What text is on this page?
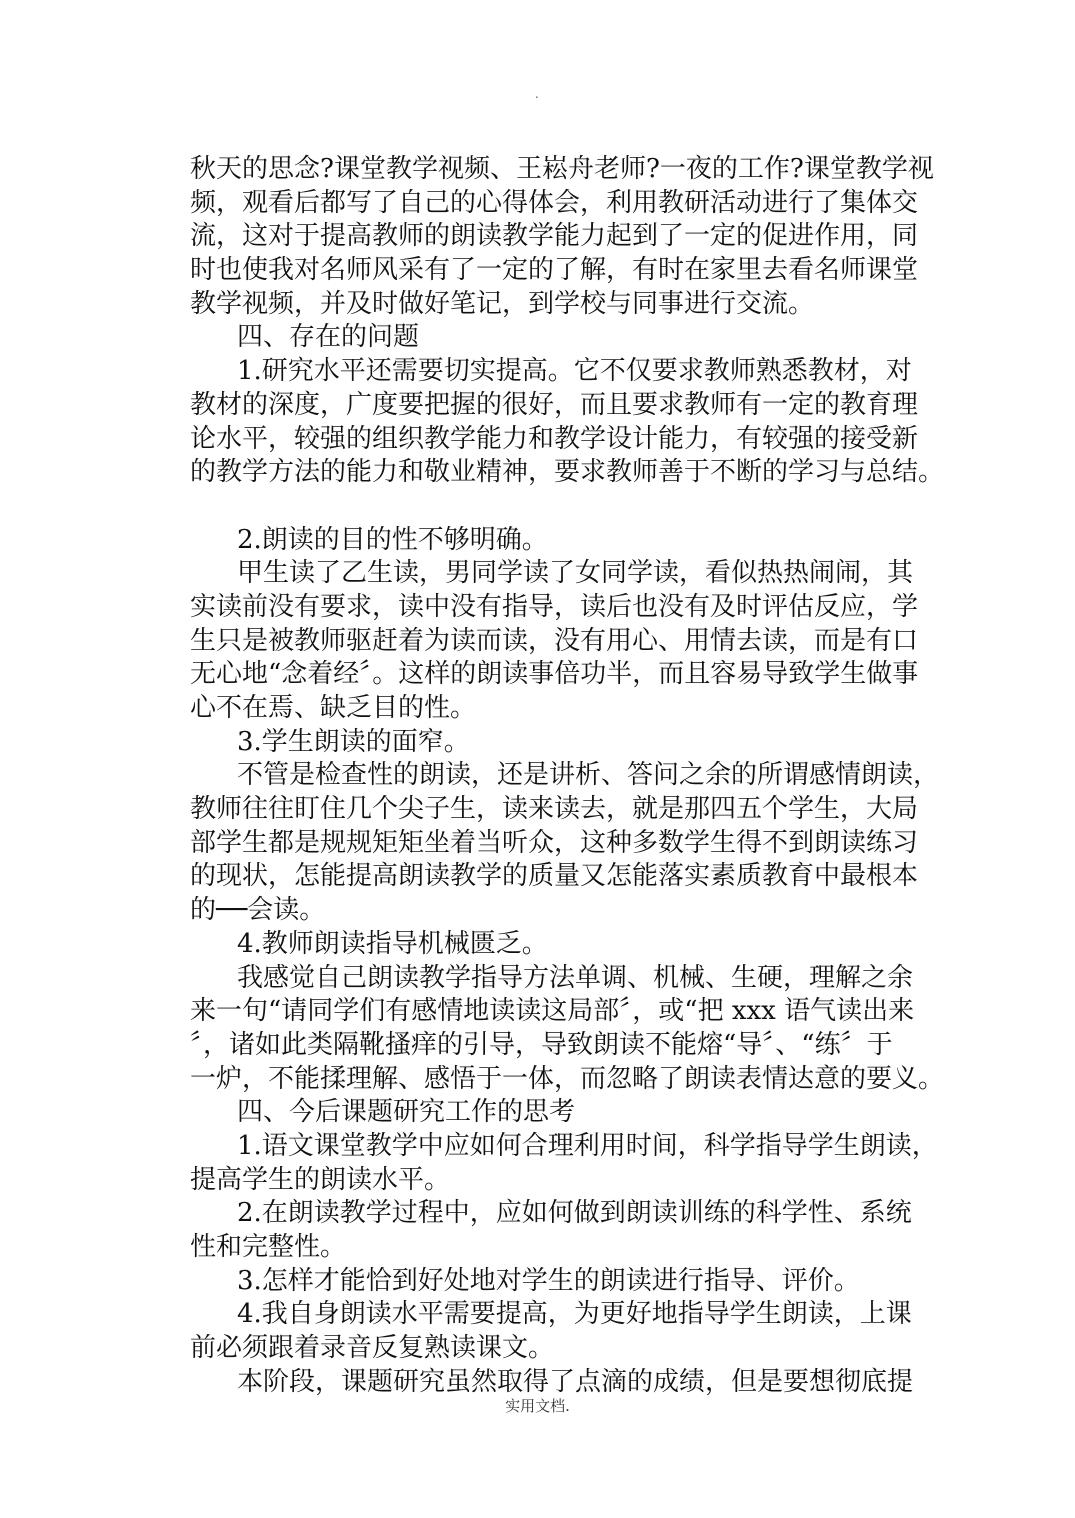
.
秋天的思念?课堂教学视频、王崧舟老师?一夜的工作?课堂教学视
频，观看后都写了自己的心得体会，利用教研活动进行了集体交
流，这对于提高教师的朗读教学能力起到了一定的促进作用，同
时也使我对名师风采有了一定的了解，有时在家里去看名师课堂
教学视频，并及时做好笔记，到学校与同事进行交流。
四、存在的问题
1.研究水平还需要切实提高。它不仅要求教师熟悉教材，对
教材的深度，广度要把握的很好，而且要求教师有一定的教育理
论水平，较强的组织教学能力和教学设计能力，有较强的接受新
的教学方法的能力和敬业精神，要求教师善于不断的学习与总结。
2.朗读的目的性不够明确。
甲生读了乙生读，男同学读了女同学读，看似热热闹闹，其
实读前没有要求，读中没有指导，读后也没有及时评估反应，学
生只是被教师驱赶着为读而读，没有用心、用情去读，而是有口
无心地“念着经〞。这样的朗读事倍功半，而且容易导致学生做事
心不在焉、缺乏目的性。
3.学生朗读的面窄。
不管是检查性的朗读，还是讲析、答问之余的所谓感情朗读，
教师往往盯住几个尖子生，读来读去，就是那四五个学生，大局
部学生都是规规矩矩坐着当听众，这种多数学生得不到朗读练习
的现状，怎能提高朗读教学的质量又怎能落实素质教育中最根本
的──会读。
4.教师朗读指导机械匮乏。
我感觉自己朗读教学指导方法单调、机械、生硬，理解之余
来一句“请同学们有感情地读读这局部〞，或“把 xxx 语气读出来
〞，诸如此类隔靴搔痒的引导，导致朗读不能熔“导〞、“练〞于
一炉，不能揉理解、感悟于一体，而忽略了朗读表情达意的要义。
四、今后课题研究工作的思考
1.语文课堂教学中应如何合理利用时间，科学指导学生朗读，
提高学生的朗读水平。
2.在朗读教学过程中，应如何做到朗读训练的科学性、系统
性和完整性。
3.怎样才能恰到好处地对学生的朗读进行指导、评价。
4.我自身朗读水平需要提高，为更好地指导学生朗读，上课
前必须跟着录音反复熟读课文。
本阶段，课题研究虽然取得了点滴的成绩，但是要想彻底提
实用文档.
